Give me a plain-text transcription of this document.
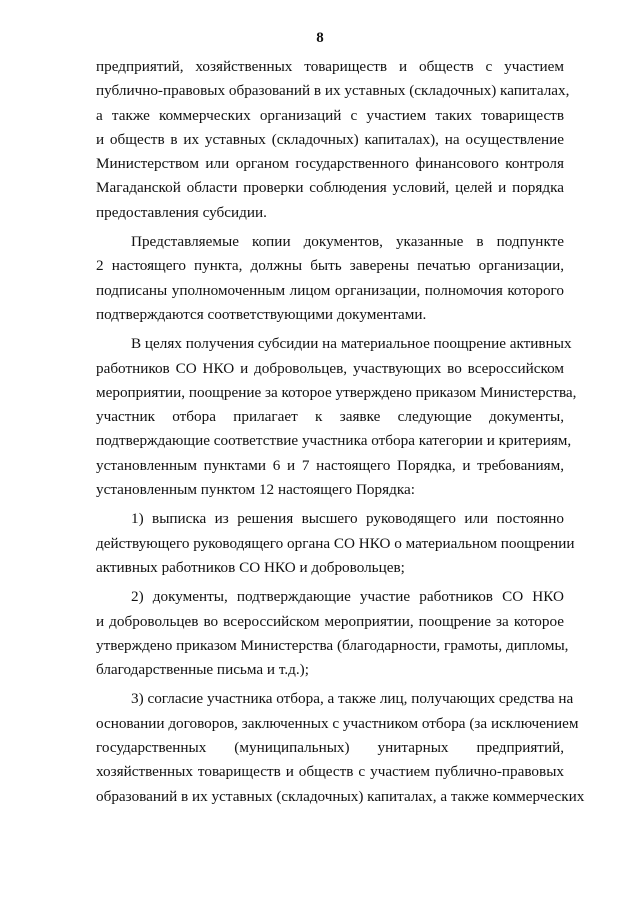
8
предприятий, хозяйственных товариществ и обществ с участием
публично-правовых образований в их уставных (складочных) капиталах,
а также коммерческих организаций с участием таких товариществ
и обществ в их уставных (складочных) капиталах), на осуществление
Министерством или органом государственного финансового контроля
Магаданской области проверки соблюдения условий, целей и порядка
предоставления субсидии.
Представляемые копии документов, указанные в подпункте
2 настоящего пункта, должны быть заверены печатью организации,
подписаны уполномоченным лицом организации, полномочия которого
подтверждаются соответствующими документами.
В целях получения субсидии на материальное поощрение активных
работников СО НКО и добровольцев, участвующих во всероссийском
мероприятии, поощрение за которое утверждено приказом Министерства,
участник отбора прилагает к заявке следующие документы,
подтверждающие соответствие участника отбора категории и критериям,
установленным пунктами 6 и 7 настоящего Порядка, и требованиям,
установленным пунктом 12 настоящего Порядка:
1) выписка из решения высшего руководящего или постоянно
действующего руководящего органа СО НКО о материальном поощрении
активных работников СО НКО и добровольцев;
2) документы, подтверждающие участие работников СО НКО
и добровольцев во всероссийском мероприятии, поощрение за которое
утверждено приказом Министерства (благодарности, грамоты, дипломы,
благодарственные письма и т.д.);
3) согласие участника отбора, а также лиц, получающих средства на
основании договоров, заключенных с участником отбора (за исключением
государственных (муниципальных) унитарных предприятий,
хозяйственных товариществ и обществ с участием публично-правовых
образований в их уставных (складочных) капиталах, а также коммерческих
